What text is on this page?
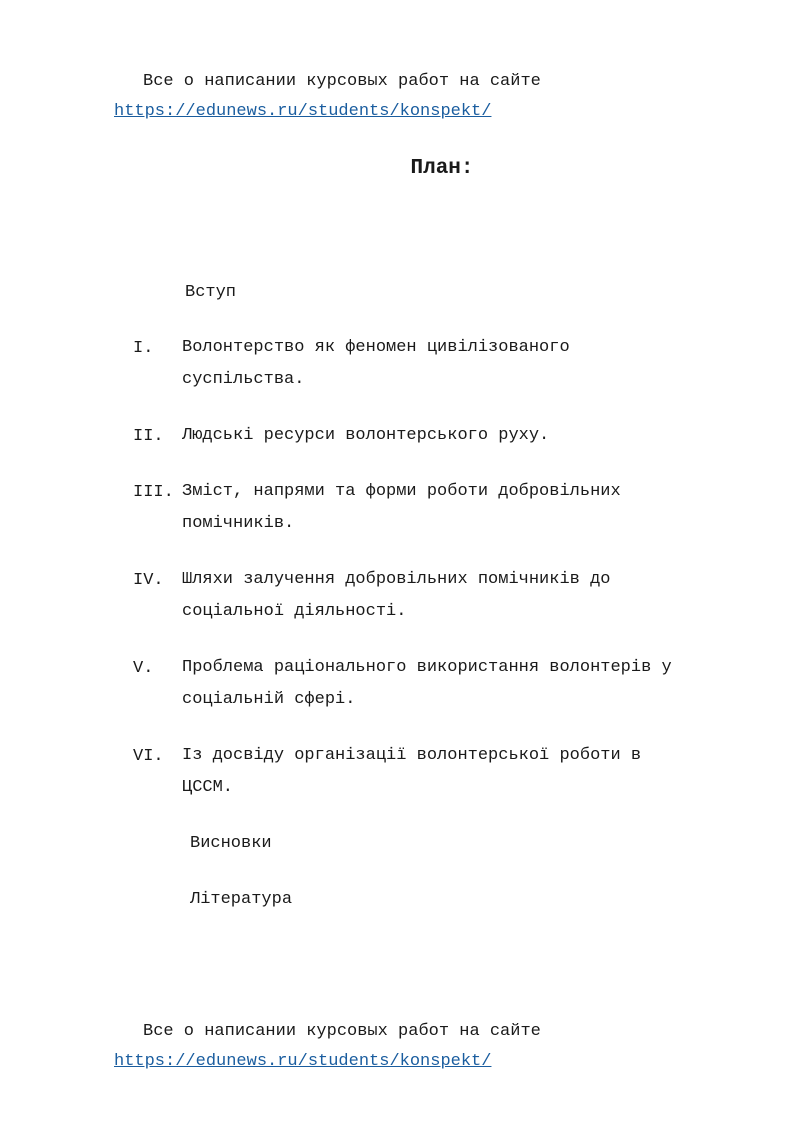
Все о написании курсовых работ на сайте
https://edunews.ru/students/konspekt/
План:
Вступ
I. Волонтерство як феномен цивілізованого
суспільства.
II. Людські ресурси волонтерського руху.
III. Зміст, напрями та форми роботи добровільних
помічників.
IV. Шляхи залучення добровільних помічників до
соціальної діяльності.
V. Проблема раціонального використання волонтерів у
соціальній сфері.
VI. Із досвіду організації волонтерської роботи в
ЦССМ.
Висновки
Література
Все о написании курсовых работ на сайте
https://edunews.ru/students/konspekt/
